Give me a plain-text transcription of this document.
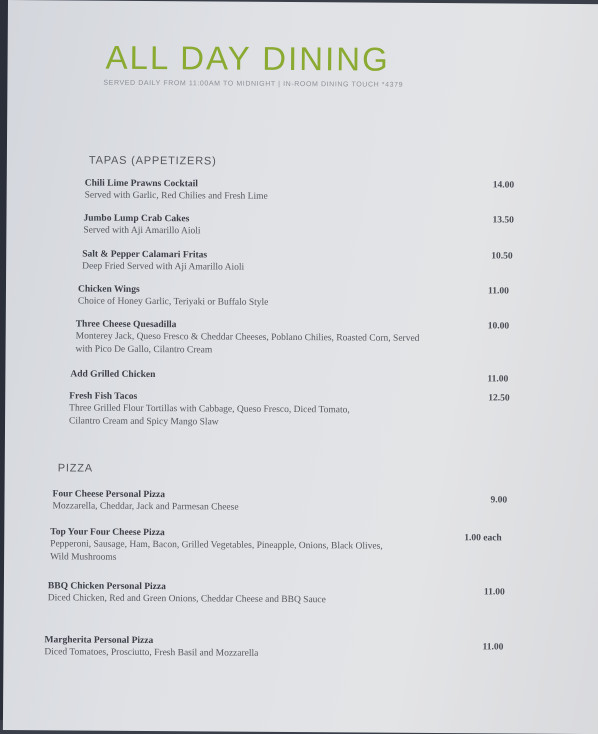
ALL DAY DINING
SERVED DAILY FROM 11:00AM TO MIDNIGHT | IN-ROOM DINING TOUCH *4379
TAPAS (APPETIZERS)
Chili Lime Prawns Cocktail
Served with Garlic, Red Chilies and Fresh Lime
14.00
Jumbo Lump Crab Cakes
Served with Aji Amarillo Aioli
13.50
Salt & Pepper Calamari Fritas
Deep Fried Served with Aji Amarillo Aioli
10.50
Chicken Wings
Choice of Honey Garlic, Teriyaki or Buffalo Style
11.00
Three Cheese Quesadilla
Monterey Jack, Queso Fresco & Cheddar Cheeses, Poblano Chilies, Roasted Corn, Served with Pico De Gallo, Cilantro Cream
10.00
Add Grilled Chicken	11.00
Fresh Fish Tacos
Three Grilled Flour Tortillas with Cabbage, Queso Fresco, Diced Tomato, Cilantro Cream and Spicy Mango Slaw
12.50
PIZZA
Four Cheese Personal Pizza
Mozzarella, Cheddar, Jack and Parmesan Cheese
9.00
Top Your Four Cheese Pizza
Pepperoni, Sausage, Ham, Bacon, Grilled Vegetables, Pineapple, Onions, Black Olives, Wild Mushrooms
1.00 each
BBQ Chicken Personal Pizza
Diced Chicken, Red and Green Onions, Cheddar Cheese and BBQ Sauce
11.00
Margherita Personal Pizza
Diced Tomatoes, Prosciutto, Fresh Basil and Mozzarella	11.00
